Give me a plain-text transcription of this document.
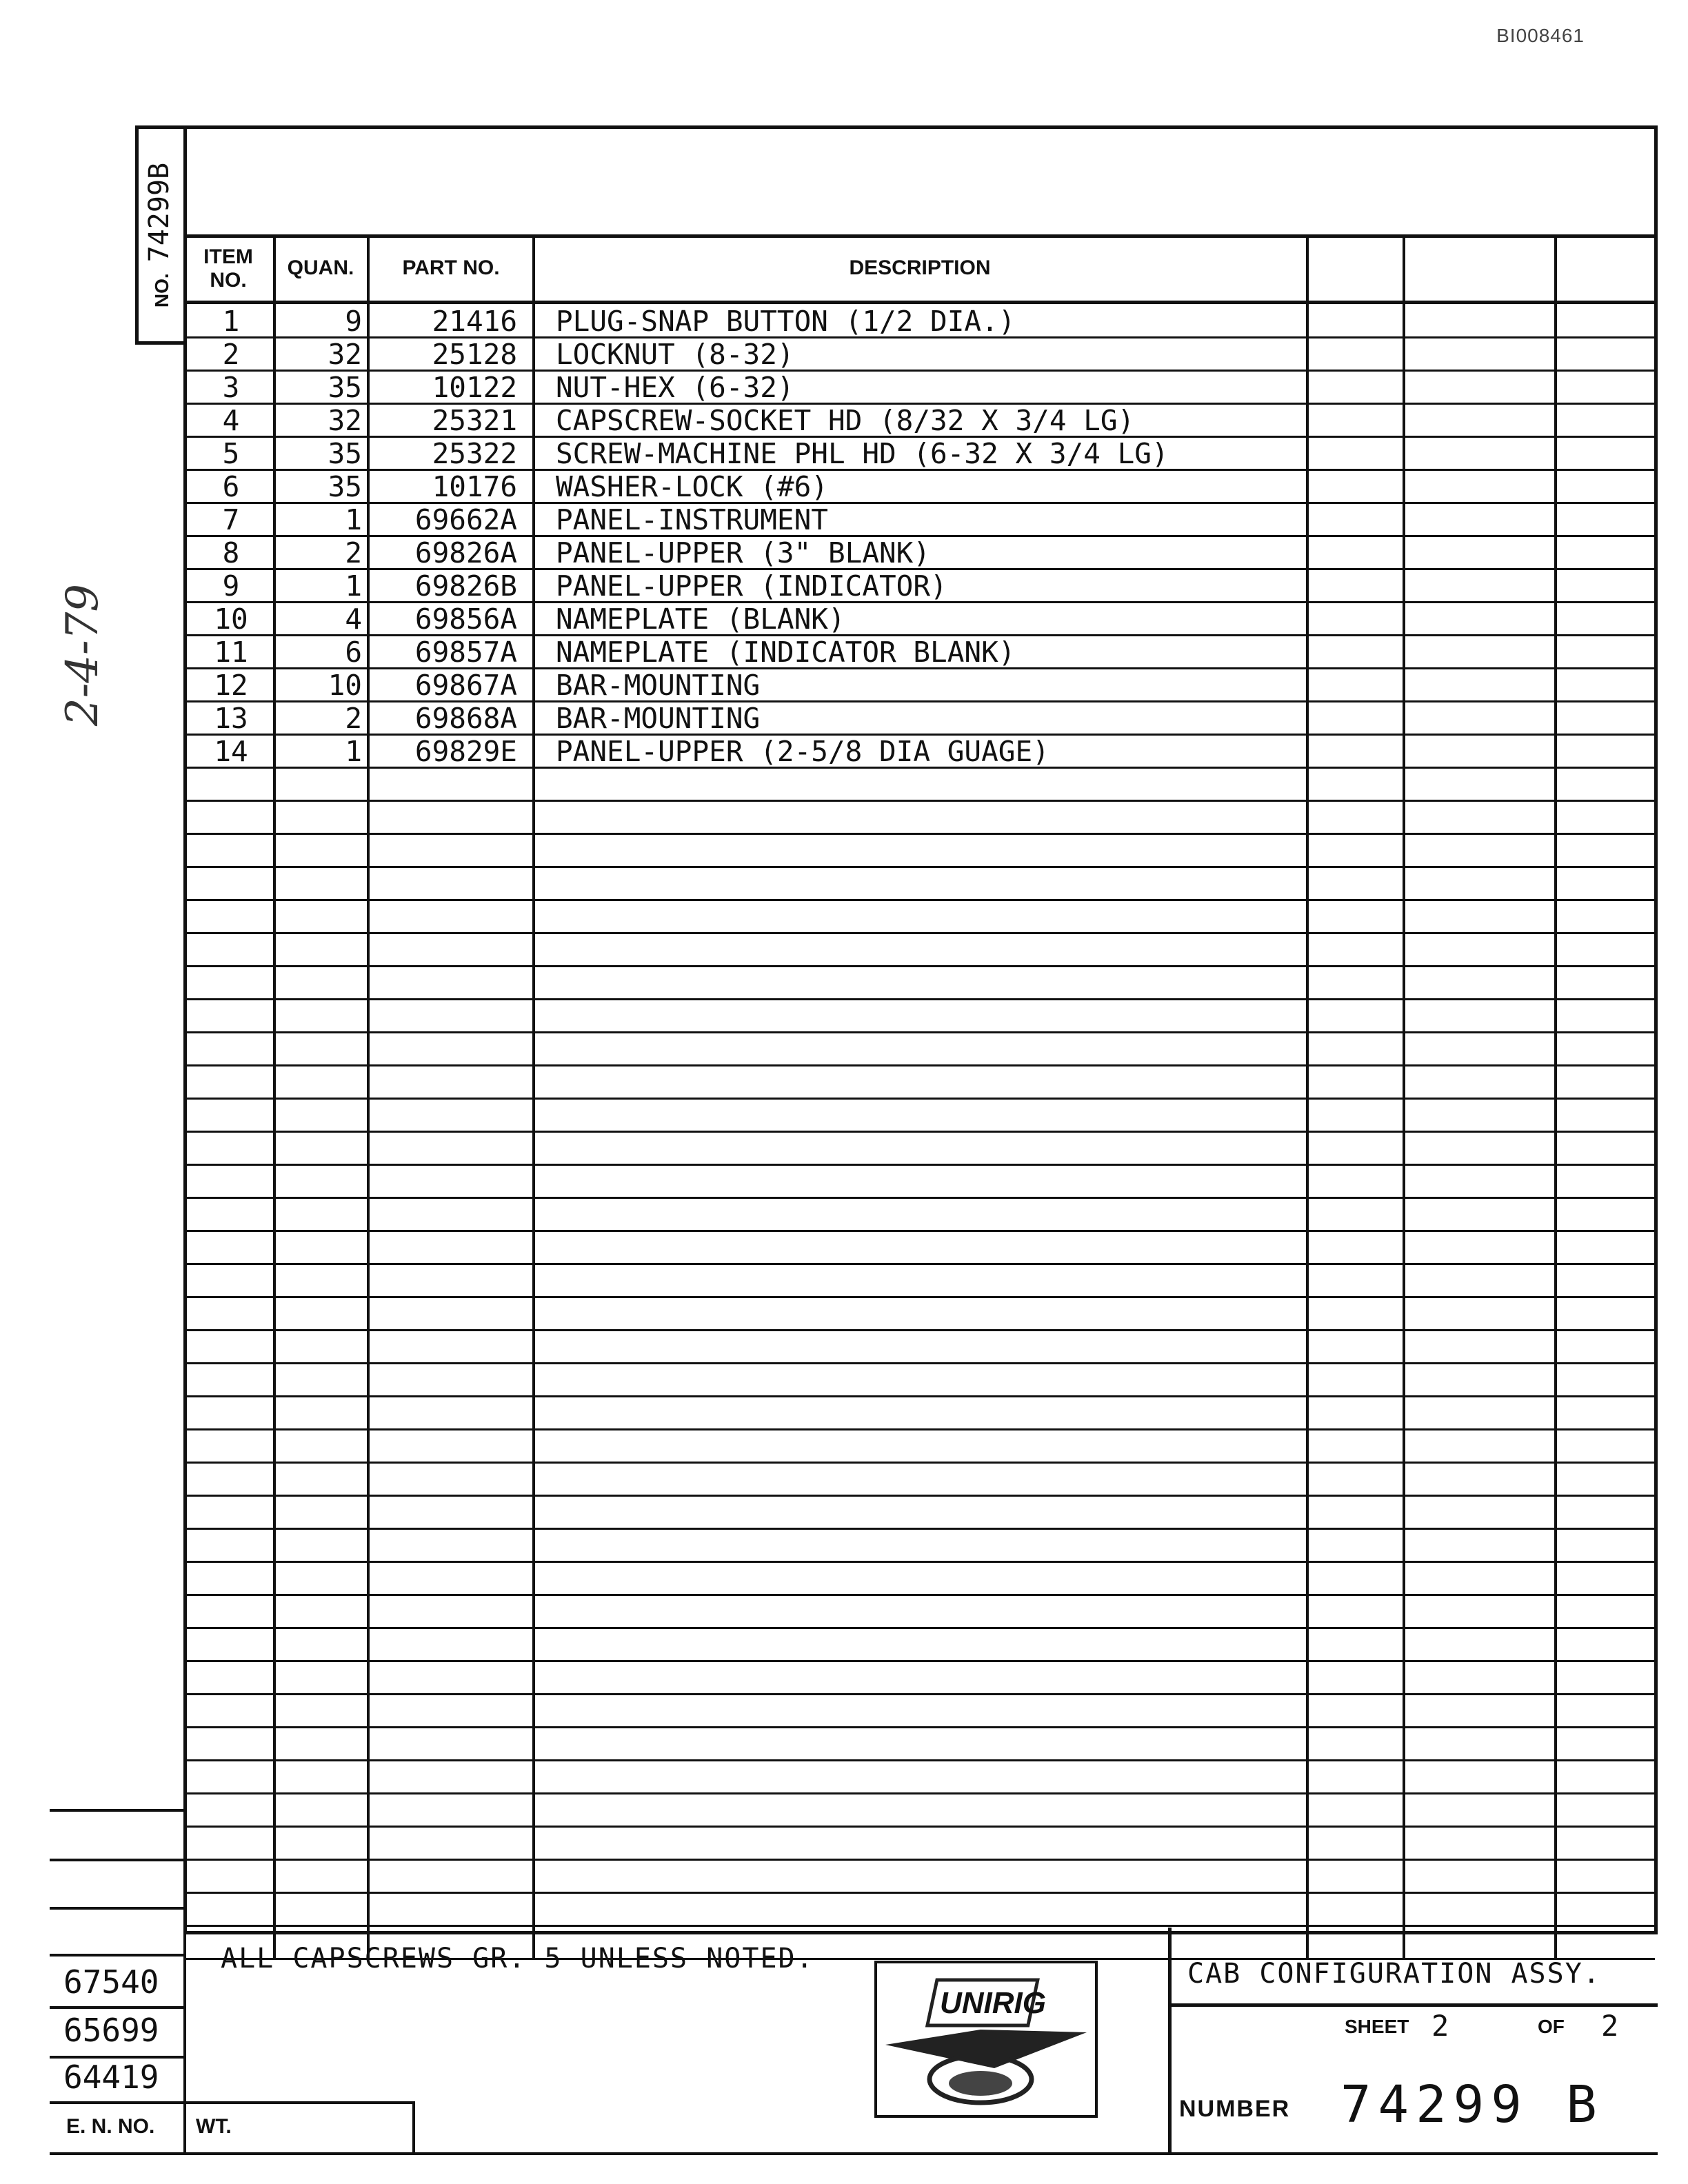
BI008461
NO.74299B
2-4-79
ITEM NO.
QUAN.	PART NO.	DESCRIPTION
1	9	21416 PLUG-SNAP BUTTON (1/2 DIA.)
2	32	25128 LOCKNUT (8-32)
3	35	10122 NUT-HEX (6-32)
4	32	25321 CAPSCREW-SOCKET HD (8/32 X 3/4 LG)
5	35	25322 SCREW-MACHINE PHL HD (6-32 X 3/4 LG)
6	35	10176 WASHER-LOCK (#6)
7	1	69662A PANEL-INSTRUMENT
8	2	69826A PANEL-UPPER (3" BLANK)
9	1	69826B PANEL-UPPER (INDICATOR)
10	4	69856A NAMEPLATE (BLANK)
11	6	69857A NAMEPLATE (INDICATOR BLANK)
12	10	69867A BAR-MOUNTING
13	2	69868A BAR-MOUNTING
14	1	69829E PANEL-UPPER (2-5/8 DIA GUAGE)
ALL CAPSCREWS GR. 5 UNLESS NOTED.
UNIRIG
CAB CONFIGURATION ASSY.
SHEET 2	OF 2
NUMBER 74299 B
67540
65699
64419
E. N. NO. WT.
